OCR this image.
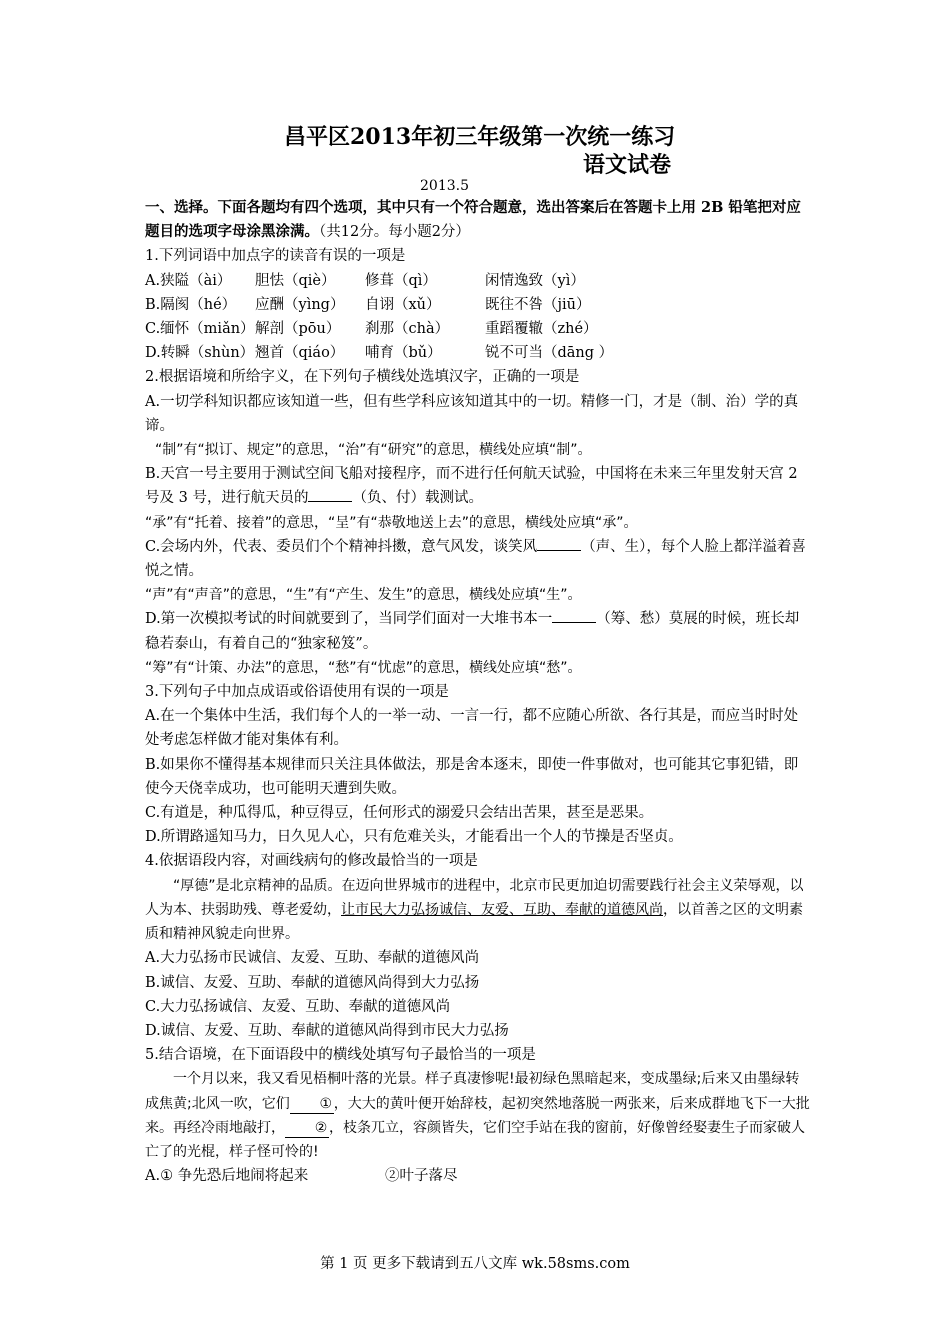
昌平区2013年初三年级第一次统一练习
语文试卷
2013.5

一、选择。下面各题均有四个选项，其中只有一个符合题意，选出答案后在答题卡上用 2B 铅笔把对应题目的选项字母涂黑涂满。（共12分。每小题2分）

1.下列词语中加点字的读音有误的一项是

A.狭隘（ài）	胆怯（qiè）	修葺（qì）	闲情逸致（yì）
B.隔阂（hé）	应酬（yìng）	自诩（xǔ）	既往不咎（jiū）
C.缅怀（miǎn） 解剖（pōu）	刹那（chà）	重蹈覆辙（zhé）
D.转瞬（shùn） 翘首（qiáo）	哺育（bǔ）	锐不可当（dāng ）

2.根据语境和所给字义，在下列句子横线处选填汉字，正确的一项是

A.一切学科知识都应该知道一些，但有些学科应该知道其中的一切。精修一门，才是（制、治）学的真谛。

“制”有“拟订、规定”的意思，“治”有“研究”的意思，横线处应填“制”。

B.天宫一号主要用于测试空间飞船对接程序，而不进行任何航天试验，中国将在未来三年里发射天宫 2 号及 3 号，进行航天员的	（负、付）载测试。

“承”有“托着、接着”的意思，“呈”有“恭敬地送上去”的意思，横线处应填“承”。

C.会场内外，代表、委员们个个精神抖擞，意气风发，谈笑风	（声、生），每个人脸上都洋溢着喜悦之情。

“声”有“声音”的意思，“生”有“产生、发生”的意思，横线处应填“生”。

D.第一次模拟考试的时间就要到了，当同学们面对一大堆书本一	（筹、愁）莫展的时候，班长却稳若泰山，有着自己的“独家秘笈”。

“筹”有“计策、办法”的意思，“愁”有“忧虑”的意思，横线处应填“愁”。

3.下列句子中加点成语或俗语使用有误的一项是

A.在一个集体中生活，我们每个人的一举一动、一言一行，都不应随心所欲、各行其是，而应当时时处处考虑怎样做才能对集体有利。

B.如果你不懂得基本规律而只关注具体做法，那是舍本逐末，即使一件事做对，也可能其它事犯错，即使今天侥幸成功，也可能明天遭到失败。

C.有道是，种瓜得瓜，种豆得豆，任何形式的溺爱只会结出苦果，甚至是恶果。

D.所谓路遥知马力，日久见人心，只有危难关头，才能看出一个人的节操是否坚贞。

4.依据语段内容，对画线病句的修改最恰当的一项是

“厚德”是北京精神的品质。在迈向世界城市的进程中，北京市民更加迫切需要践行社会主义荣辱观，以人为本、扶弱助残、尊老爱幼，让市民大力弘扬诚信、友爱、互助、奉献的道德风尚，以首善之区的文明素质和精神风貌走向世界。

A.大力弘扬市民诚信、友爱、互助、奉献的道德风尚

B.诚信、友爱、互助、奉献的道德风尚得到大力弘扬

C.大力弘扬诚信、友爱、互助、奉献的道德风尚

D.诚信、友爱、互助、奉献的道德风尚得到市民大力弘扬

5.结合语境，在下面语段中的横线处填写句子最恰当的一项是

一个月以来，我又看见梧桐叶落的光景。样子真凄惨呢!最初绿色黑暗起来，变成墨绿;后来又由墨绿转成焦黄;北风一吹，它们 ① ，大大的黄叶便开始辞枝，起初突然地落脱一两张来，后来成群地飞下一大批来。再经冷雨地敲打， ② ，枝条兀立，容颜皆失，它们空手站在我的窗前，好像曾经娶妻生子而家破人亡了的光棍，样子怪可怜的!

A.① 争先恐后地闹将起来	②叶子落尽
第 1 页 更多下载请到五八文库 wk.58sms.com
